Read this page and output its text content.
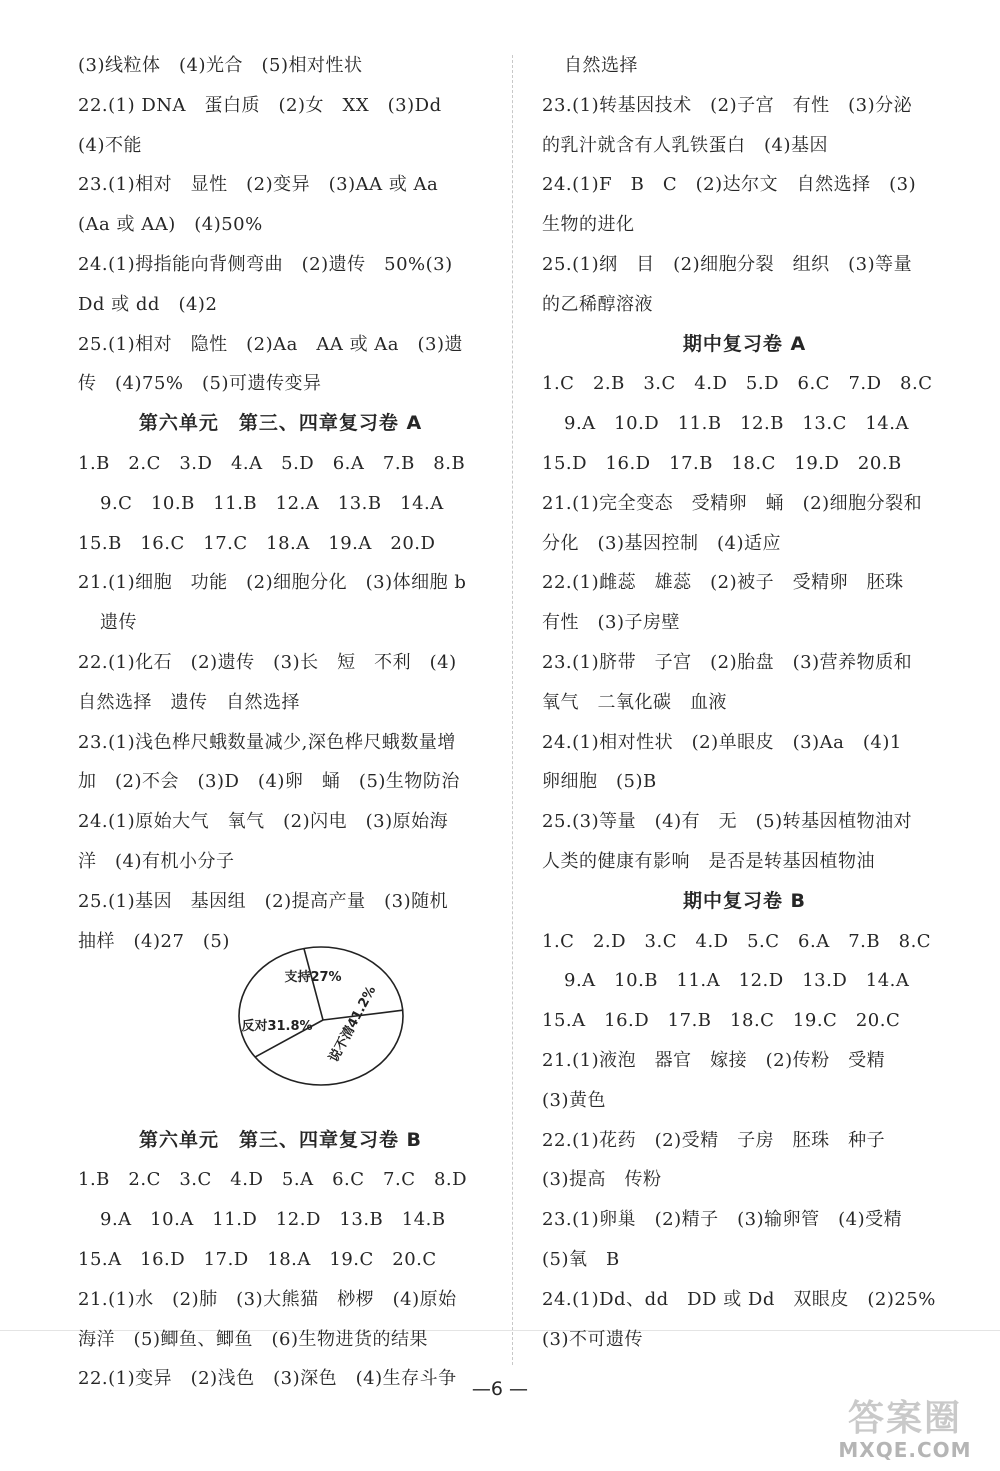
(3)线粒体　(4)光合　(5)相对性状
22.(1) DNA　蛋白质　(2)女　XX　(3)Dd
(4)不能
23.(1)相对　显性　(2)变异　(3)AA 或 Aa
(Aa 或 AA)　(4)50%
24.(1)拇指能向背侧弯曲　(2)遗传　50%(3)
Dd 或 dd　(4)2
25.(1)相对　隐性　(2)Aa　AA 或 Aa　(3)遗
传　(4)75%　(5)可遗传变异
第六单元　第三、四章复习卷 A
1.B　2.C　3.D　4.A　5.D　6.A　7.B　8.B
9.C　10.B　11.B　12.A　13.B　14.A
15.B　16.C　17.C　18.A　19.A　20.D
21.(1)细胞　功能　(2)细胞分化　(3)体细胞 b
遗传
22.(1)化石　(2)遗传　(3)长　短　不利　(4)
自然选择　遗传　自然选择
23.(1)浅色桦尺蛾数量减少,深色桦尺蛾数量增
加　(2)不会　(3)D　(4)卵　蛹　(5)生物防治
24.(1)原始大气　氧气　(2)闪电　(3)原始海
洋　(4)有机小分子
25.(1)基因　基因组　(2)提高产量　(3)随机
抽样　(4)27　(5)
第六单元　第三、四章复习卷 B
1.B　2.C　3.C　4.D　5.A　6.C　7.C　8.D
9.A　10.A　11.D　12.D　13.B　14.B
15.A　16.D　17.D　18.A　19.C　20.C
21.(1)水　(2)肺　(3)大熊猫　桫椤　(4)原始
海洋　(5)鲫鱼、鲫鱼　(6)生物进货的结果
22.(1)变异　(2)浅色　(3)深色　(4)生存斗争
自然选择
23.(1)转基因技术　(2)子宫　有性　(3)分泌
的乳汁就含有人乳铁蛋白　(4)基因
24.(1)F　B　C　(2)达尔文　自然选择　(3)
生物的进化
25.(1)纲　目　(2)细胞分裂　组织　(3)等量
的乙稀醇溶液
期中复习卷 A
1.C　2.B　3.C　4.D　5.D　6.C　7.D　8.C
9.A　10.D　11.B　12.B　13.C　14.A
15.D　16.D　17.B　18.C　19.D　20.B
21.(1)完全变态　受精卵　蛹　(2)细胞分裂和
分化　(3)基因控制　(4)适应
22.(1)雌蕊　雄蕊　(2)被子　受精卵　胚珠
有性　(3)子房壁
23.(1)脐带　子宫　(2)胎盘　(3)营养物质和
氧气　二氧化碳　血液
24.(1)相对性状　(2)单眼皮　(3)Aa　(4)1
卵细胞　(5)B
25.(3)等量　(4)有　无　(5)转基因植物油对
人类的健康有影响　是否是转基因植物油
期中复习卷 B
1.C　2.D　3.C　4.D　5.C　6.A　7.B　8.C
9.A　10.B　11.A　12.D　13.D　14.A
15.A　16.D　17.B　18.C　19.C　20.C
21.(1)液泡　器官　嫁接　(2)传粉　受精
(3)黄色
22.(1)花药　(2)受精　子房　胚珠　种子
(3)提高　传粉
23.(1)卵巢　(2)精子　(3)输卵管　(4)受精
(5)氧　B
24.(1)Dd、dd　DD 或 Dd　双眼皮　(2)25%
(3)不可遗传
支持27%
说不清41.2%
反对31.8%
—6 —
答案圈
MXQE.COM
